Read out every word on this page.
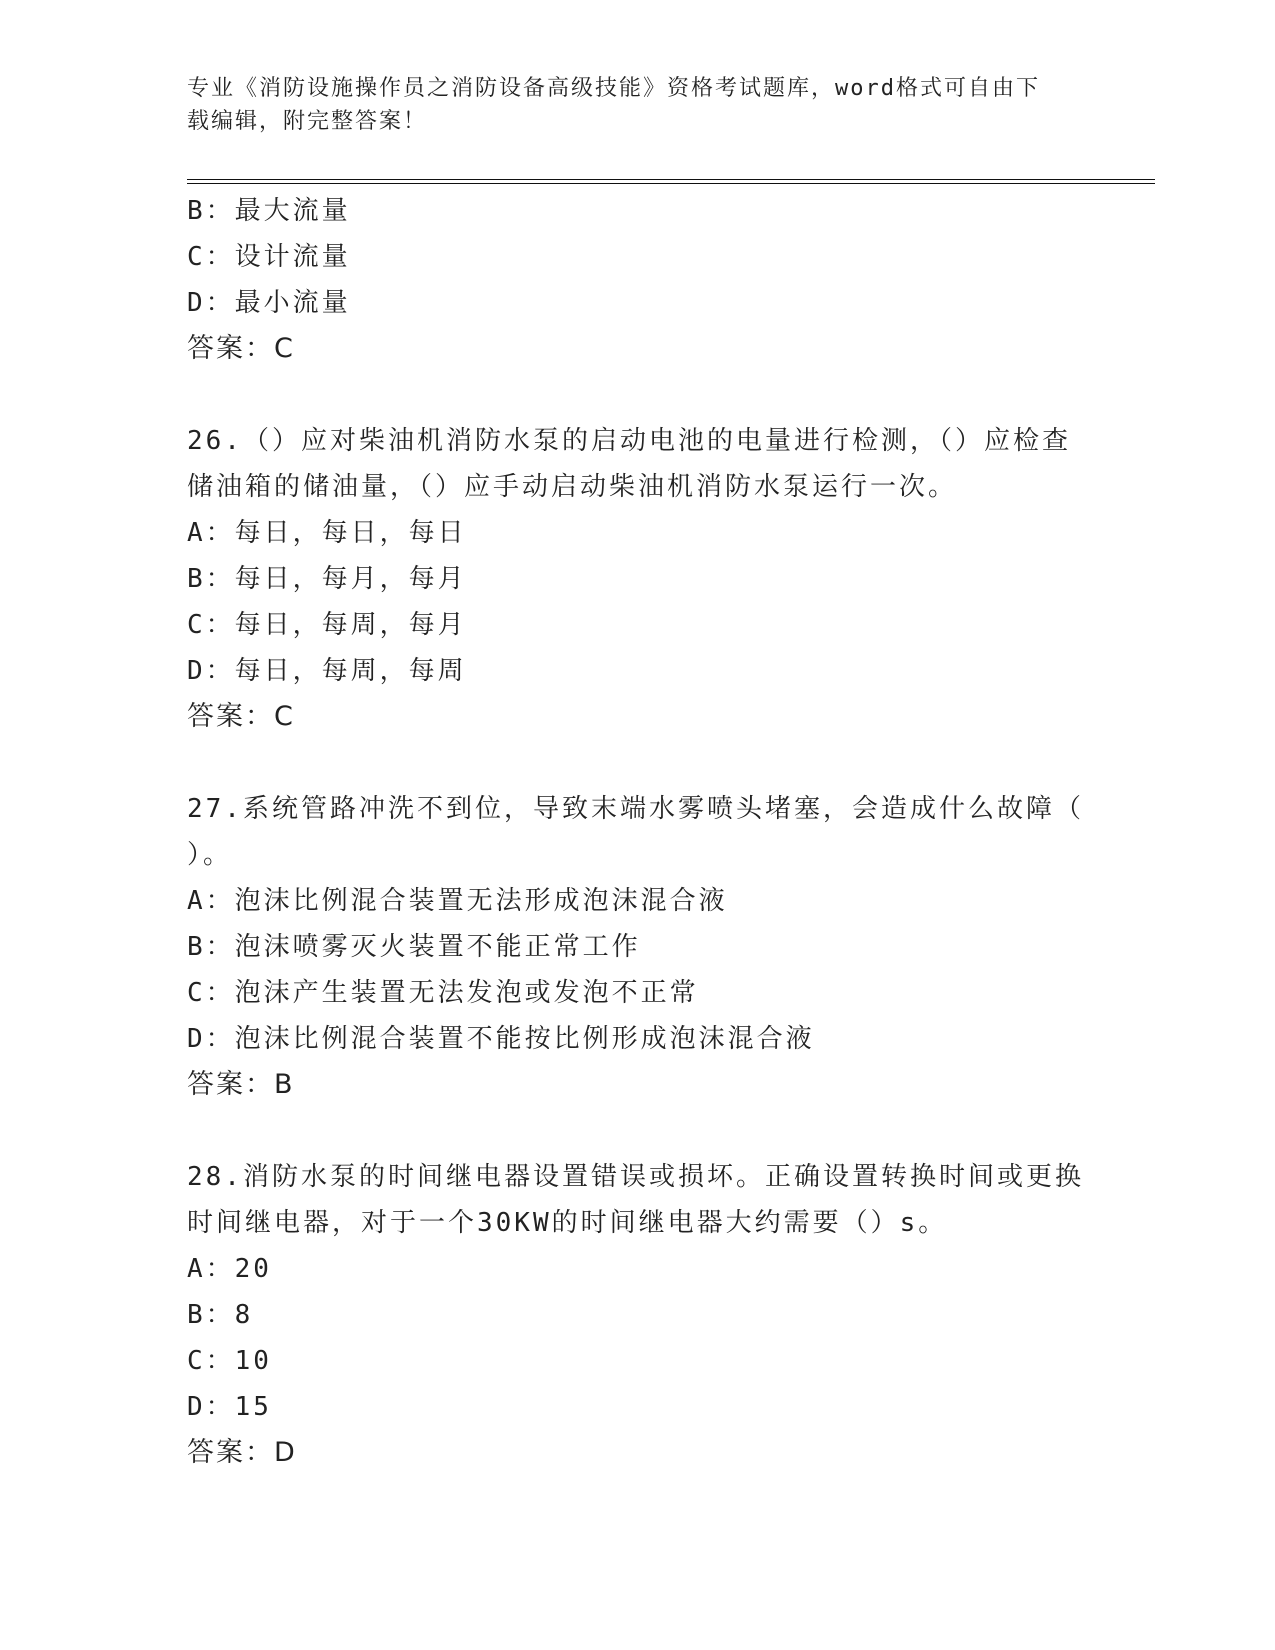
专业《消防设施操作员之消防设备高级技能》资格考试题库，word格式可自由下
载编辑，附完整答案！
B：最大流量
C：设计流量
D：最小流量
答案：C
26.（）应对柴油机消防水泵的启动电池的电量进行检测，（）应检查
储油箱的储油量，（）应手动启动柴油机消防水泵运行一次。
A：每日，每日，每日
B：每日，每月，每月
C：每日，每周，每月
D：每日，每周，每周
答案：C
27.系统管路冲洗不到位，导致末端水雾喷头堵塞，会造成什么故障（
）。
A：泡沫比例混合装置无法形成泡沫混合液
B：泡沫喷雾灭火装置不能正常工作
C：泡沫产生装置无法发泡或发泡不正常
D：泡沫比例混合装置不能按比例形成泡沫混合液
答案：B
28.消防水泵的时间继电器设置错误或损坏。正确设置转换时间或更换
时间继电器，对于一个30KW的时间继电器大约需要（）s。
A：20
B：8
C：10
D：15
答案：D
